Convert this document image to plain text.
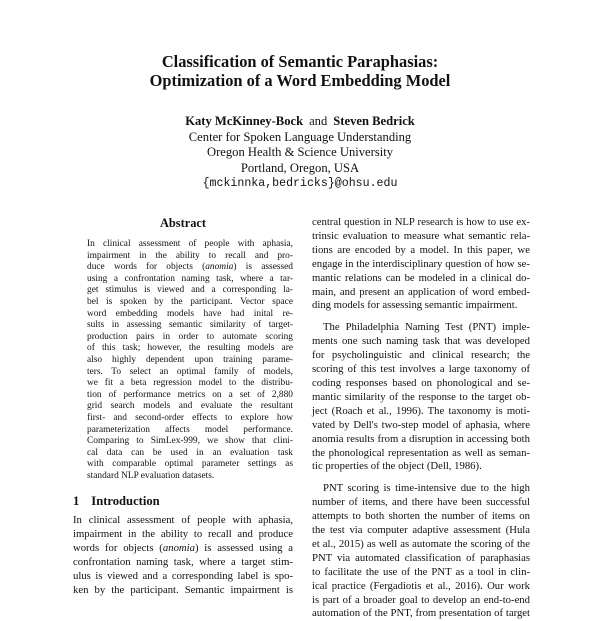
Classification of Semantic Paraphasias:

Optimization of a Word Embedding Model

Katy McKinney-Bock and Steven Bedrick
Center for Spoken Language Understanding
Oregon Health & Science University
Portland, Oregon, USA
{mckinnka,bedricks}@ohsu.edu
Abstract
In clinical assessment of people with aphasia,
impairment in the ability to recall and pro-
duce words for objects (anomia) is assessed
using a confrontation naming task, where a tar-
get stimulus is viewed and a corresponding la-
bel is spoken by the participant. Vector space
word embedding models have had inital re-
sults in assessing semantic similarity of target-
production pairs in order to automate scoring
of this task; however, the resulting models are
also highly dependent upon training parame-
ters. To select an optimal family of models,
we fit a beta regression model to the distribu-
tion of performance metrics on a set of 2,880
grid search models and evaluate the resultant
first- and second-order effects to explore how
parameterization affects model performance.
Comparing to SimLex-999, we show that clini-
cal data can be used in an evaluation task
with comparable optimal parameter settings as
standard NLP evaluation datasets.
1 Introduction
In clinical assessment of people with aphasia,
impairment in the ability to recall and produce
words for objects (anomia) is assessed using a
confrontation naming task, where a target stim-
ulus is viewed and a corresponding label is spo-
ken by the participant. Semantic impairment is
central question in NLP research is how to use ex-
trinsic evaluation to measure what semantic rela-
tions are encoded by a model. In this paper, we
engage in the interdisciplinary question of how se-
mantic relations can be modeled in a clinical do-
main, and present an application of word embed-
ding models for assessing semantic impairment.
The Philadelphia Naming Test (PNT) imple-
ments one such naming task that was developed
for psycholinguistic and clinical research; the
scoring of this test involves a large taxonomy of
coding responses based on phonological and se-
mantic similarity of the response to the target ob-
ject (Roach et al., 1996). The taxonomy is moti-
vated by Dell's two-step model of aphasia, where
anomia results from a disruption in accessing both
the phonological representation as well as seman-
tic properties of the object (Dell, 1986).
PNT scoring is time-intensive due to the high
number of items, and there have been successful
attempts to both shorten the number of items on
the test via computer adaptive assessment (Hula
et al., 2015) as well as automate the scoring of the
PNT via automated classification of paraphasias
to facilitate the use of the PNT as a tool in clin-
ical practice (Fergadiotis et al., 2016). Our work
is part of a broader goal to develop an end-to-end
automation of the PNT, from presentation of target
